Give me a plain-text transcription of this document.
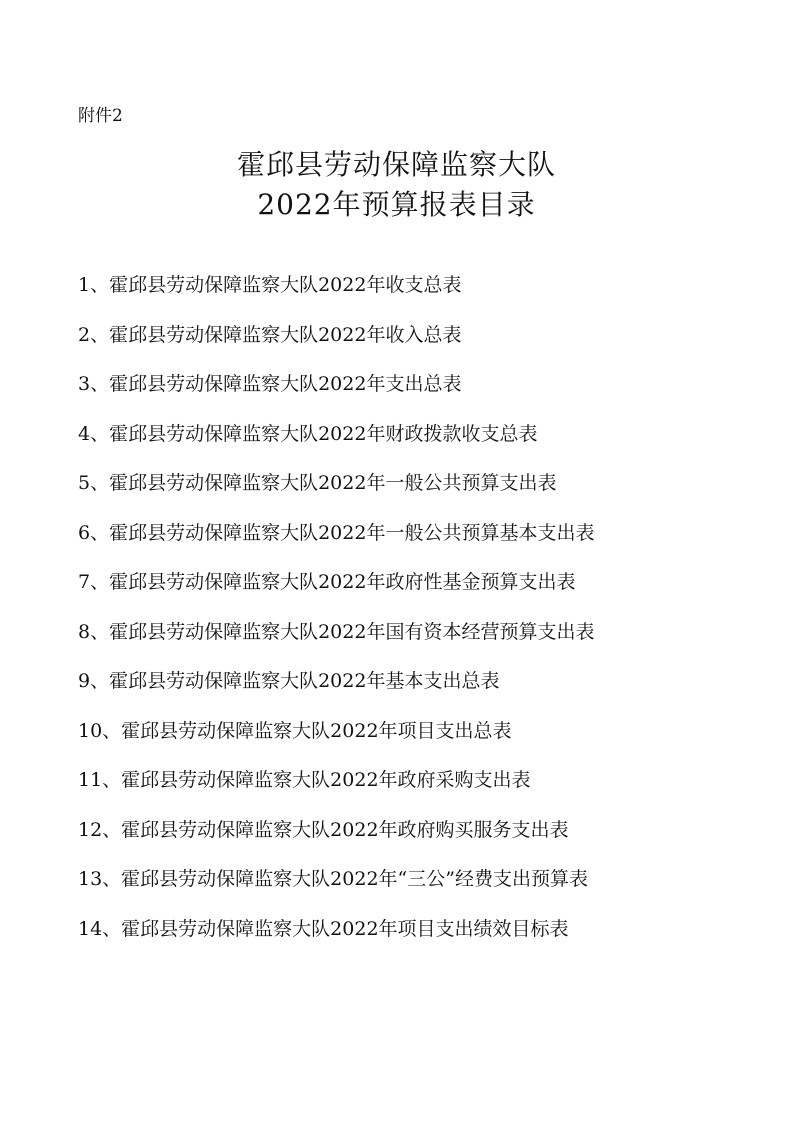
附件2
霍邱县劳动保障监察大队
2022年预算报表目录
1、霍邱县劳动保障监察大队2022年收支总表
2、霍邱县劳动保障监察大队2022年收入总表
3、霍邱县劳动保障监察大队2022年支出总表
4、霍邱县劳动保障监察大队2022年财政拨款收支总表
5、霍邱县劳动保障监察大队2022年一般公共预算支出表
6、霍邱县劳动保障监察大队2022年一般公共预算基本支出表
7、霍邱县劳动保障监察大队2022年政府性基金预算支出表
8、霍邱县劳动保障监察大队2022年国有资本经营预算支出表
9、霍邱县劳动保障监察大队2022年基本支出总表
10、霍邱县劳动保障监察大队2022年项目支出总表
11、霍邱县劳动保障监察大队2022年政府采购支出表
12、霍邱县劳动保障监察大队2022年政府购买服务支出表
13、霍邱县劳动保障监察大队2022年“三公”经费支出预算表
14、霍邱县劳动保障监察大队2022年项目支出绩效目标表
